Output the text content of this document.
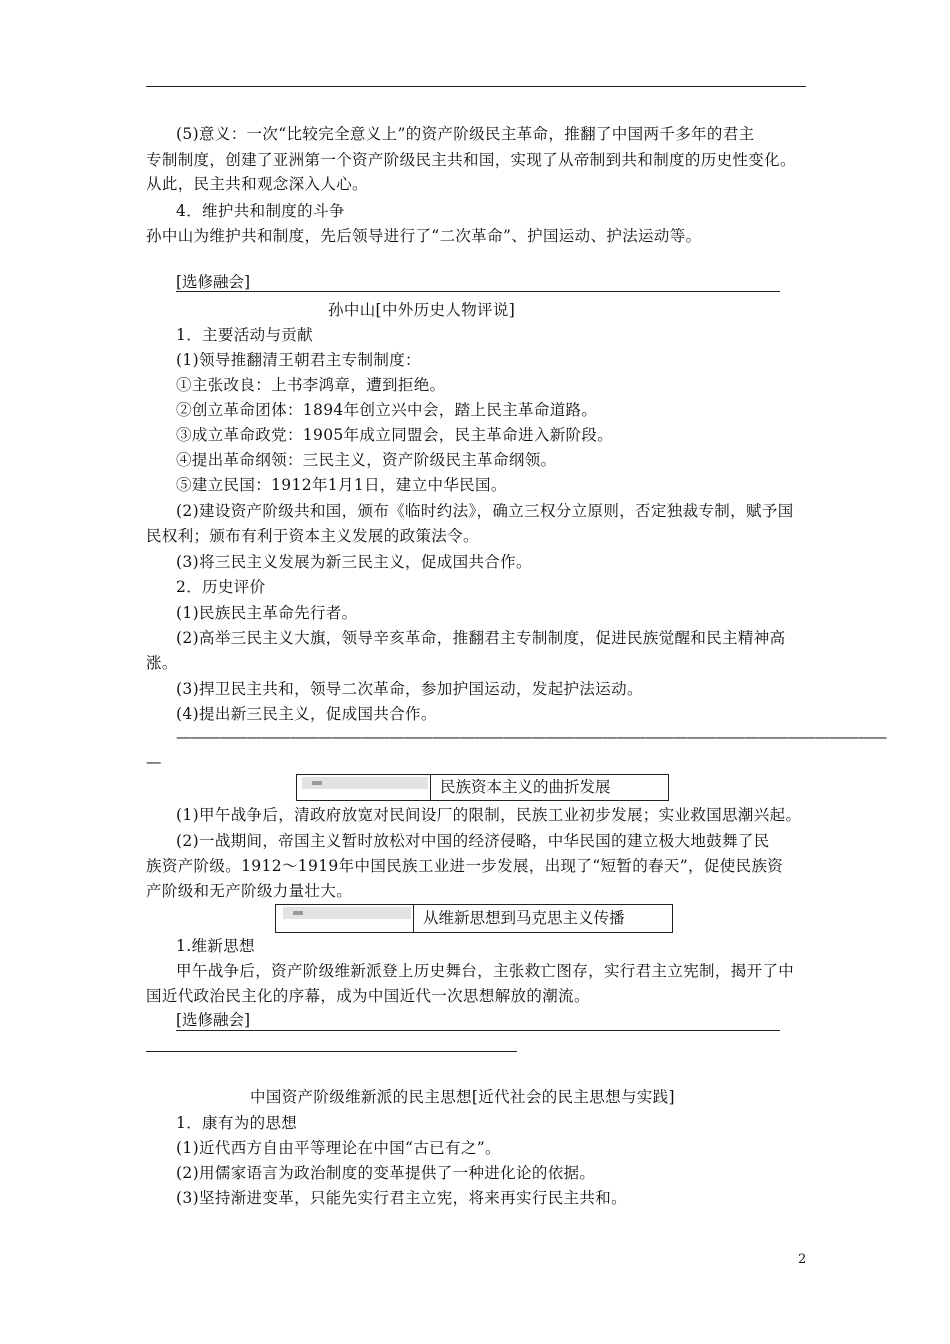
(5)意义：一次“比较完全意义上”的资产阶级民主革命，推翻了中国两千多年的君主
专制制度，创建了亚洲第一个资产阶级民主共和国，实现了从帝制到共和制度的历史性变化。
从此，民主共和观念深入人心。
4．维护共和制度的斗争
孙中山为维护共和制度，先后领导进行了“二次革命”、护国运动、护法运动等。
[选修融会]
孙中山[中外历史人物评说]
1．主要活动与贡献
(1)领导推翻清王朝君主专制制度：
①主张改良：上书李鸿章，遭到拒绝。
②创立革命团体：1894年创立兴中会，踏上民主革命道路。
③成立革命政党：1905年成立同盟会，民主革命进入新阶段。
④提出革命纲领：三民主义，资产阶级民主革命纲领。
⑤建立民国：1912年1月1日，建立中华民国。
(2)建设资产阶级共和国，颁布《临时约法》，确立三权分立原则，否定独裁专制，赋予国
民权利；颁布有利于资本主义发展的政策法令。
(3)将三民主义发展为新三民主义，促成国共合作。
2．历史评价
(1)民族民主革命先行者。
(2)高举三民主义大旗，领导辛亥革命，推翻君主专制制度，促进民族觉醒和民主精神高
涨。
(3)捍卫民主共和，领导二次革命，参加护国运动，发起护法运动。
(4)提出新三民主义，促成国共合作。
——————————————————————————————————————————————————
—
民族资本主义的曲折发展
(1)甲午战争后，清政府放宽对民间设厂的限制，民族工业初步发展；实业救国思潮兴起。
(2)一战期间，帝国主义暂时放松对中国的经济侵略，中华民国的建立极大地鼓舞了民
族资产阶级。1912～1919年中国民族工业进一步发展，出现了“短暂的春天”，促使民族资
产阶级和无产阶级力量壮大。
从维新思想到马克思主义传播
1.维新思想
甲午战争后，资产阶级维新派登上历史舞台，主张救亡图存，实行君主立宪制，揭开了中
国近代政治民主化的序幕，成为中国近代一次思想解放的潮流。
[选修融会]
中国资产阶级维新派的民主思想[近代社会的民主思想与实践]
1．康有为的思想
(1)近代西方自由平等理论在中国“古已有之”。
(2)用儒家语言为政治制度的变革提供了一种进化论的依据。
(3)坚持渐进变革，只能先实行君主立宪，将来再实行民主共和。
2
